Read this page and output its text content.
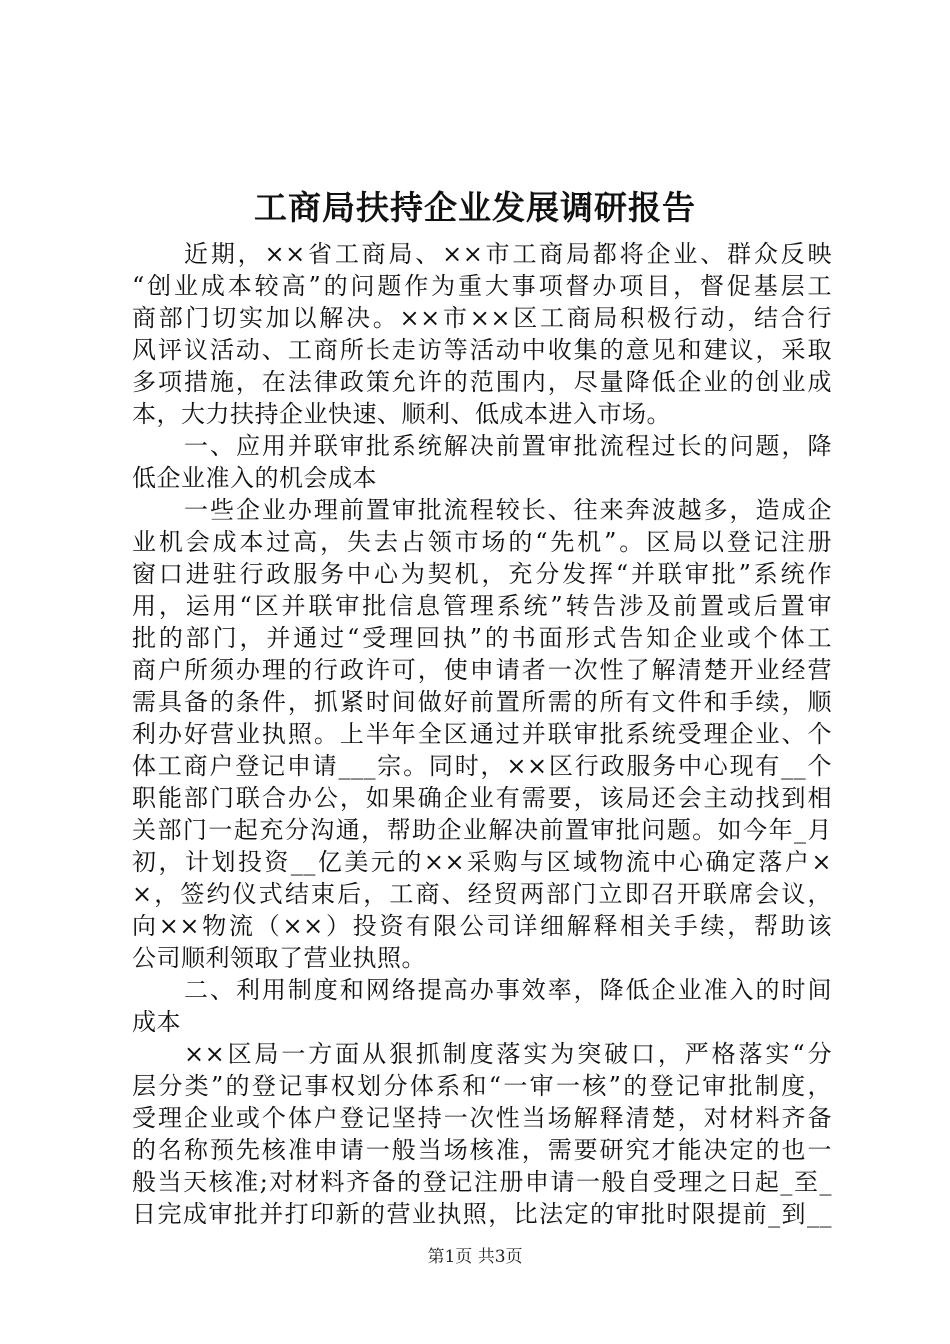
工商局扶持企业发展调研报告
近期，××省工商局、××市工商局都将企业、群众反映
“创业成本较高”的问题作为重大事项督办项目，督促基层工
商部门切实加以解决。××市××区工商局积极行动，结合行
风评议活动、工商所长走访等活动中收集的意见和建议，采取
多项措施，在法律政策允许的范围内，尽量降低企业的创业成
本，大力扶持企业快速、顺利、低成本进入市场。
一、应用并联审批系统解决前置审批流程过长的问题，降
低企业准入的机会成本
一些企业办理前置审批流程较长、往来奔波越多，造成企
业机会成本过高，失去占领市场的“先机”。区局以登记注册
窗口进驻行政服务中心为契机，充分发挥“并联审批”系统作
用，运用“区并联审批信息管理系统”转告涉及前置或后置审
批的部门，并通过“受理回执”的书面形式告知企业或个体工
商户所须办理的行政许可，使申请者一次性了解清楚开业经营
需具备的条件，抓紧时间做好前置所需的所有文件和手续，顺
利办好营业执照。上半年全区通过并联审批系统受理企业、个
体工商户登记申请___宗。同时，××区行政服务中心现有__个
职能部门联合办公，如果确企业有需要，该局还会主动找到相
关部门一起充分沟通，帮助企业解决前置审批问题。如今年_月
初，计划投资__亿美元的××采购与区域物流中心确定落户×
×，签约仪式结束后，工商、经贸两部门立即召开联席会议，
向××物流（××）投资有限公司详细解释相关手续，帮助该
公司顺利领取了营业执照。
二、利用制度和网络提高办事效率，降低企业准入的时间
成本
××区局一方面从狠抓制度落实为突破口，严格落实“分
层分类”的登记事权划分体系和“一审一核”的登记审批制度，
受理企业或个体户登记坚持一次性当场解释清楚，对材料齐备
的名称预先核准申请一般当场核准，需要研究才能决定的也一
般当天核准;对材料齐备的登记注册申请一般自受理之日起_至_
日完成审批并打印新的营业执照，比法定的审批时限提前_到__
第1页 共3页
